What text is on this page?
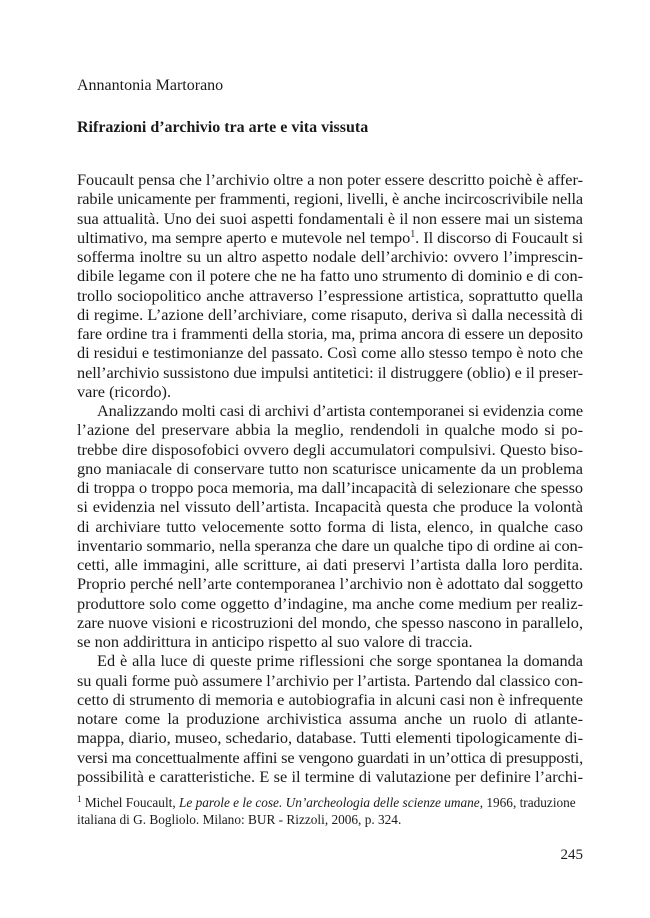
Annantonia Martorano
Rifrazioni d’archivio tra arte e vita vissuta
Foucault pensa che l’archivio oltre a non poter essere descritto poichè è affer-
rabile unicamente per frammenti, regioni, livelli, è anche incircoscrivibile nella
sua attualità. Uno dei suoi aspetti fondamentali è il non essere mai un sistema
ultimativo, ma sempre aperto e mutevole nel tempo$^1$. Il discorso di Foucault si
sofferma inoltre su un altro aspetto nodale dell’archivio: ovvero l’imprescin-
dibile legame con il potere che ne ha fatto uno strumento di dominio e di con-
trollo sociopolitico anche attraverso l’espressione artistica, soprattutto quella
di regime. L’azione dell’archiviare, come risaputo, deriva sì dalla necessità di
fare ordine tra i frammenti della storia, ma, prima ancora di essere un deposito
di residui e testimonianze del passato. Così come allo stesso tempo è noto che
nell’archivio sussistono due impulsi antitetici: il distruggere (oblio) e il preser-
vare (ricordo).
Analizzando molti casi di archivi d’artista contemporanei si evidenzia come
l’azione del preservare abbia la meglio, rendendoli in qualche modo si po-
trebbe dire disposofobici ovvero degli accumulatori compulsivi. Questo biso-
gno maniacale di conservare tutto non scaturisce unicamente da un problema
di troppa o troppo poca memoria, ma dall’incapacità di selezionare che spesso
si evidenzia nel vissuto dell’artista. Incapacità questa che produce la volontà
di archiviare tutto velocemente sotto forma di lista, elenco, in qualche caso
inventario sommario, nella speranza che dare un qualche tipo di ordine ai con-
cetti, alle immagini, alle scritture, ai dati preservi l’artista dalla loro perdita.
Proprio perché nell’arte contemporanea l’archivio non è adottato dal soggetto
produttore solo come oggetto d’indagine, ma anche come medium per realiz-
zare nuove visioni e ricostruzioni del mondo, che spesso nascono in parallelo,
se non addirittura in anticipo rispetto al suo valore di traccia.
Ed è alla luce di queste prime riflessioni che sorge spontanea la domanda
su quali forme può assumere l’archivio per l’artista. Partendo dal classico con-
cetto di strumento di memoria e autobiografia in alcuni casi non è infrequente
notare come la produzione archivistica assuma anche un ruolo di atlante-
mappa, diario, museo, schedario, database. Tutti elementi tipologicamente di-
versi ma concettualmente affini se vengono guardati in un’ottica di presupposti,
possibilità e caratteristiche. E se il termine di valutazione per definire l’archi-
$^1$ Michel Foucault, Le parole e le cose. Un’archeologia delle scienze umane, 1966, traduzione
italiana di G. Bogliolo. Milano: BUR - Rizzoli, 2006, p. 324.
245
